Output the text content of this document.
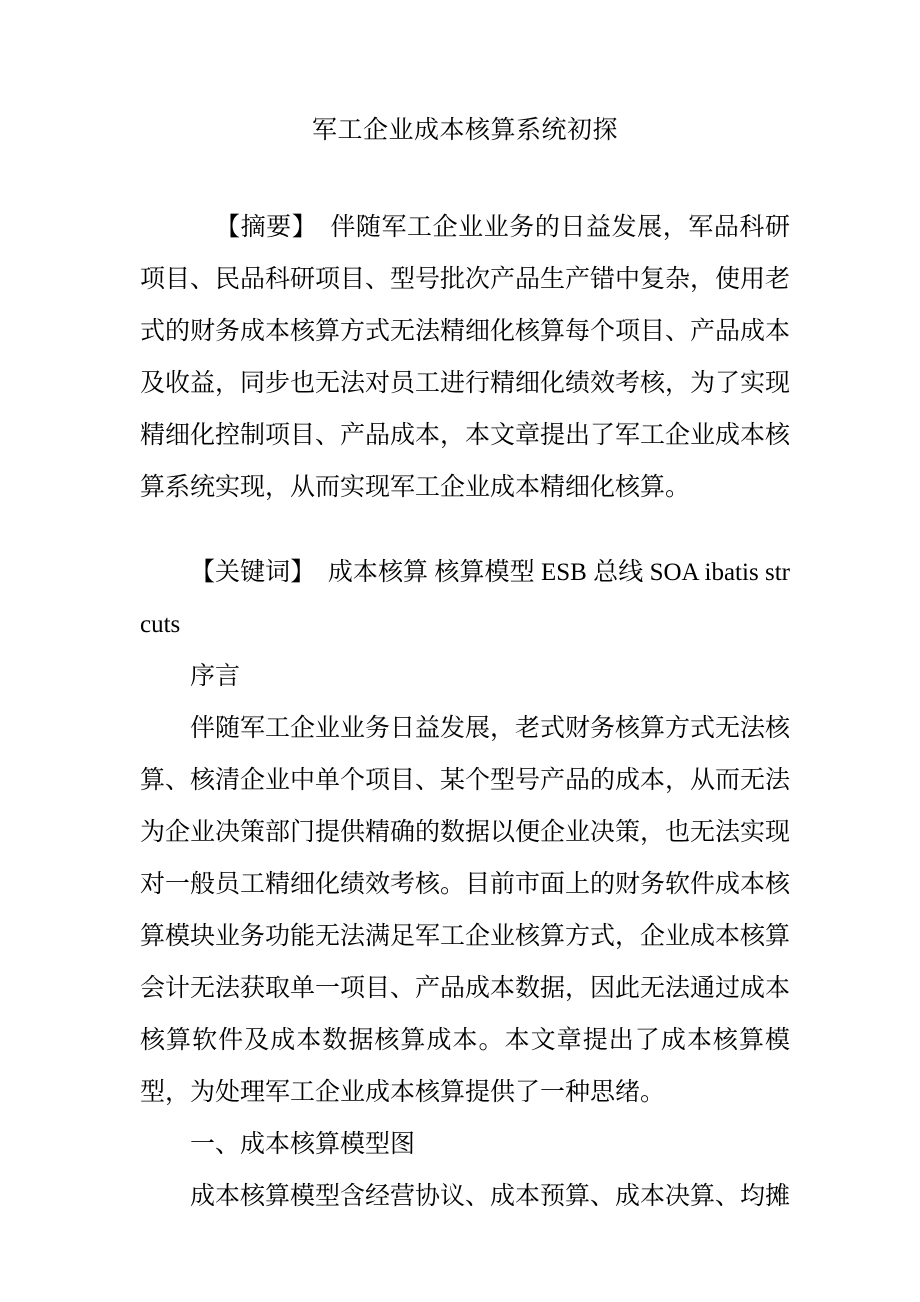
军工企业成本核算系统初探

【摘要】　伴随军工企业业务的日益发展，军品科研项目、民品科研项目、型号批次产品生产错中复杂，使用老式的财务成本核算方式无法精细化核算每个项目、产品成本及收益，同步也无法对员工进行精细化绩效考核，为了实现精细化控制项目、产品成本，本文章提出了军工企业成本核算系统实现，从而实现军工企业成本精细化核算。

【关键词】　成本核算 核算模型 ESB 总线 SOA ibatis strcuts

序言

伴随军工企业业务日益发展，老式财务核算方式无法核算、核清企业中单个项目、某个型号产品的成本，从而无法为企业决策部门提供精确的数据以便企业决策，也无法实现对一般员工精细化绩效考核。目前市面上的财务软件成本核算模块业务功能无法满足军工企业核算方式，企业成本核算会计无法获取单一项目、产品成本数据，因此无法通过成本核算软件及成本数据核算成本。本文章提出了成本核算模型，为处理军工企业成本核算提供了一种思绪。

一、成本核算模型图

成本核算模型含经营协议、成本预算、成本决算、均摊
